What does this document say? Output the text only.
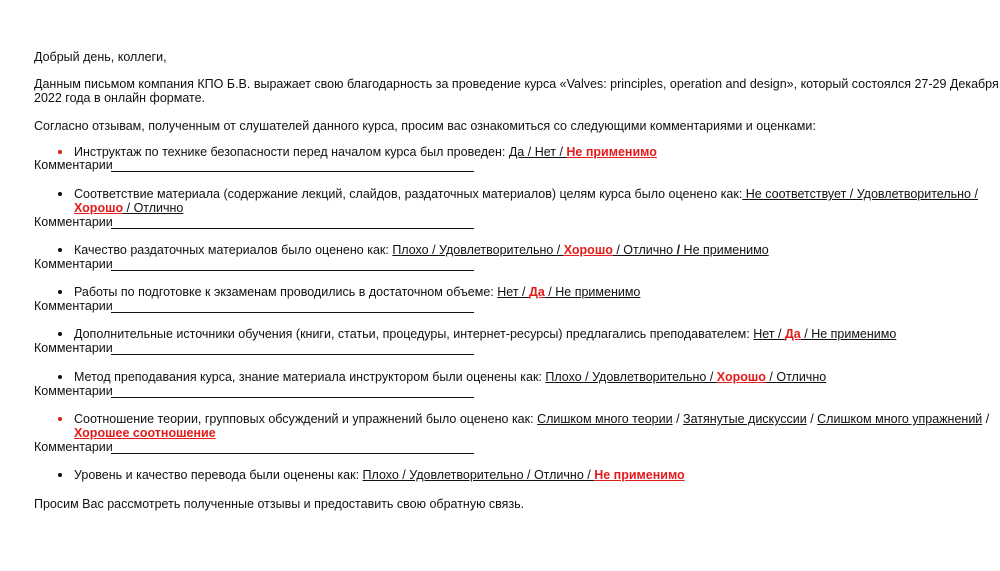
Добрый день, коллеги,
Данным письмом компания КПО Б.В. выражает свою благодарность за проведение курса «Valves: principles, operation and design», который состоялся 27-29 Декабря
2022 года в онлайн формате.
Согласно отзывам, полученным от слушателей данного курса, просим вас ознакомиться со следующими комментариями и оценками:
Инструктаж по технике безопасности перед началом курса был проведен: Да / Нет / Не применимо
Комментарии
Соответствие материала (содержание лекций, слайдов, раздаточных материалов) целям курса было оценено как: Не соответствует / Удовлетворительно /
Хорошо / Отлично
Комментарии
Качество раздаточных материалов было оценено как: Плохо / Удовлетворительно / Хорошо / Отлично / Не применимо
Комментарии
Работы по подготовке к экзаменам проводились в достаточном объеме: Нет / Да / Не применимо
Комментарии
Дополнительные источники обучения (книги, статьи, процедуры, интернет-ресурсы) предлагались преподавателем: Нет / Да / Не применимо
Комментарии
Метод преподавания курса, знание материала инструктором были оценены как: Плохо / Удовлетворительно / Хорошо / Отлично
Комментарии
Соотношение теории, групповых обсуждений и упражнений было оценено как: Слишком много теории / Затянутые дискуссии / Слишком много упражнений /
Хорошее соотношение
Комментарии
Уровень и качество перевода были оценены как: Плохо / Удовлетворительно / Отлично / Не применимо
Просим Вас рассмотреть полученные отзывы и предоставить свою обратную связь.
